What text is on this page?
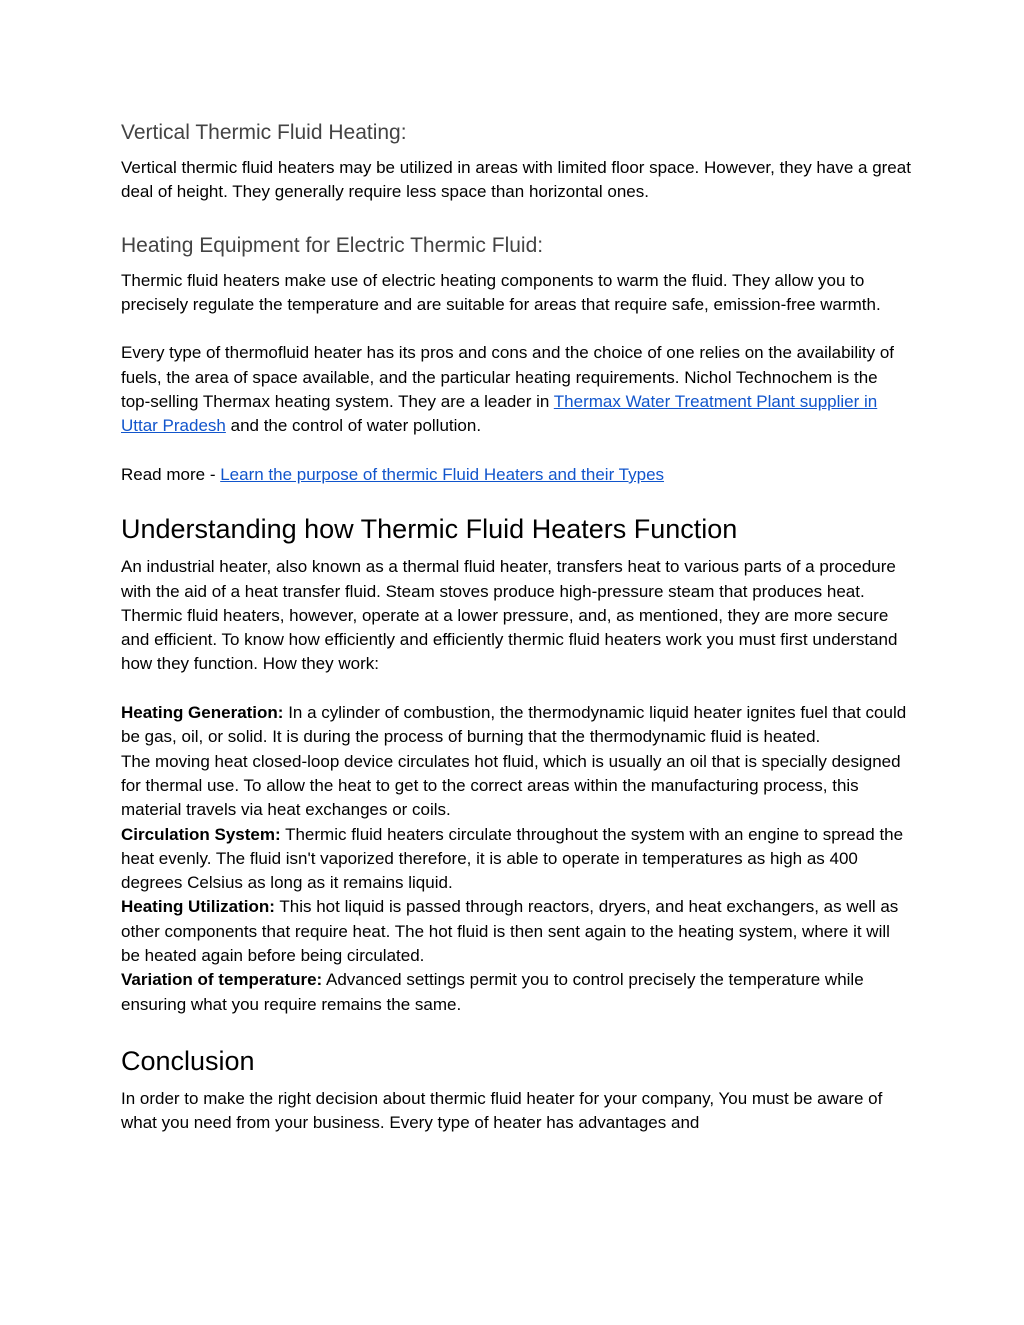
Vertical Thermic Fluid Heating:

Vertical thermic fluid heaters may be utilized in areas with limited floor space. However, they have a great deal of height. They generally require less space than horizontal ones.

Heating Equipment for Electric Thermic Fluid:

Thermic fluid heaters make use of electric heating components to warm the fluid. They allow you to precisely regulate the temperature and are suitable for areas that require safe, emission-free warmth.

Every type of thermofluid heater has its pros and cons and the choice of one relies on the availability of fuels, the area of space available, and the particular heating requirements. Nichol Technochem is the top-selling Thermax heating system. They are a leader in Thermax Water Treatment Plant supplier in Uttar Pradesh and the control of water pollution.

Read more - Learn the purpose of thermic Fluid Heaters and their Types

Understanding how Thermic Fluid Heaters Function

An industrial heater, also known as a thermal fluid heater, transfers heat to various parts of a procedure with the aid of a heat transfer fluid. Steam stoves produce high-pressure steam that produces heat. Thermic fluid heaters, however, operate at a lower pressure, and, as mentioned, they are more secure and efficient. To know how efficiently and efficiently thermic fluid heaters work you must first understand how they function. How they work:

Heating Generation: In a cylinder of combustion, the thermodynamic liquid heater ignites fuel that could be gas, oil, or solid. It is during the process of burning that the thermodynamic fluid is heated.

The moving heat closed-loop device circulates hot fluid, which is usually an oil that is specially designed for thermal use. To allow the heat to get to the correct areas within the manufacturing process, this material travels via heat exchanges or coils.

Circulation System: Thermic fluid heaters circulate throughout the system with an engine to spread the heat evenly. The fluid isn't vaporized therefore, it is able to operate in temperatures as high as 400 degrees Celsius as long as it remains liquid.

Heating Utilization: This hot liquid is passed through reactors, dryers, and heat exchangers, as well as other components that require heat. The hot fluid is then sent again to the heating system, where it will be heated again before being circulated.

Variation of temperature: Advanced settings permit you to control precisely the temperature while ensuring what you require remains the same.

Conclusion

In order to make the right decision about thermic fluid heater for your company, You must be aware of what you need from your business. Every type of heater has advantages and
